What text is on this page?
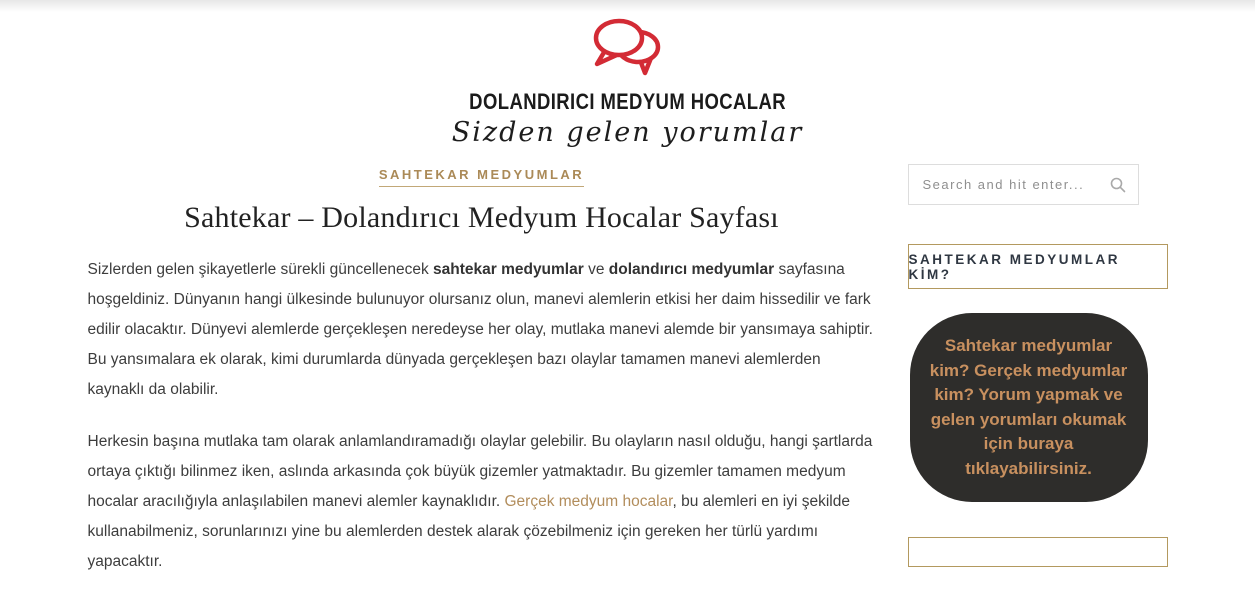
DOLANDIRICI MEDYUM HOCALAR
Sizden gelen yorumlar
SAHTEKAR MEDYUMLAR
Sahtekar – Dolandırıcı Medyum Hocalar Sayfası

Sizlerden gelen şikayetlerle sürekli güncellenecek sahtekar medyumlar ve dolandırıcı medyumlar sayfasına hoşgeldiniz. Dünyanın hangi ülkesinde bulunuyor olursanız olun, manevi alemlerin etkisi her daim hissedilir ve fark edilir olacaktır. Dünyevi alemlerde gerçekleşen neredeyse her olay, mutlaka manevi alemde bir yansımaya sahiptir. Bu yansımalara ek olarak, kimi durumlarda dünyada gerçekleşen bazı olaylar tamamen manevi alemlerden kaynaklı da olabilir.

Herkesin başına mutlaka tam olarak anlamlandıramadığı olaylar gelebilir. Bu olayların nasıl olduğu, hangi şartlarda ortaya çıktığı bilinmez iken, aslında arkasında çok büyük gizemler yatmaktadır. Bu gizemler tamamen medyum hocalar aracılığıyla anlaşılabilen manevi alemler kaynaklıdır. Gerçek medyum hocalar, bu alemleri en iyi şekilde kullanabilmeniz, sorunlarınızı yine bu alemlerden destek alarak çözebilmeniz için gereken her türlü yardımı yapacaktır.

Search and hit enter...
SAHTEKAR MEDYUMLAR KİM?
Sahtekar medyumlar kim? Gerçek medyumlar kim? Yorum yapmak ve gelen yorumları okumak için buraya tıklayabilirsiniz.
